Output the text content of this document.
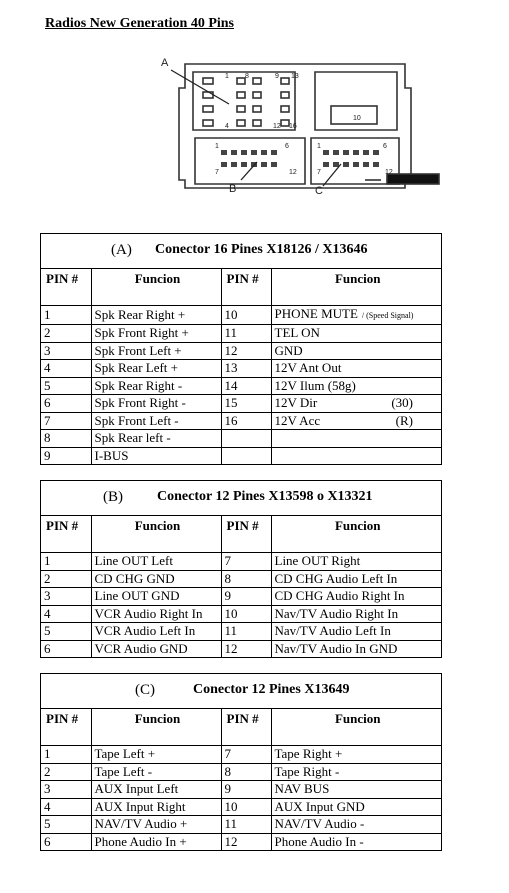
Radios New Generation 40 Pins
A
B	C
1 8	9 13
4	12 16
10
1	6	1	6
7	12	7	12
(A) Conector 16 Pines X18126 / X13646
PIN #	Funcion	PIN #	Funcion
1	Spk Rear Right +	10	PHONE MUTE / (Speed Signal)
2	Spk Front Right +	11	TEL ON
3	Spk Front Left +	12	GND
4	Spk Rear Left +	13	12V Ant Out
5	Spk Rear Right -	14	12V Ilum (58g)
6	Spk Front Right -	15	12V Dir (30)

7	Spk Front Left -	16	12V Acc (R)

8	Spk Rear left -		
9	I-BUS		
(B) Conector 12 Pines X13598 o X13321
PIN #	Funcion	PIN #	Funcion
1	Line OUT Left	7	Line OUT Right
2	CD CHG GND	8	CD CHG Audio Left In
3	Line OUT GND	9	CD CHG Audio Right In
4	VCR Audio Right In	10	Nav/TV Audio Right In
5	VCR Audio Left In	11	Nav/TV Audio Left In
6	VCR Audio GND	12	Nav/TV Audio In GND
(C)	Conector 12 Pines X13649
PIN #	Funcion	PIN #	Funcion
1	Tape Left +	7	Tape Right +
2	Tape Left -	8	Tape Right -
3	AUX Input Left	9	NAV BUS
4	AUX Input Right	10	AUX Input GND
5	NAV/TV Audio +	11	NAV/TV Audio -
6	Phone Audio In +	12	Phone Audio In -
